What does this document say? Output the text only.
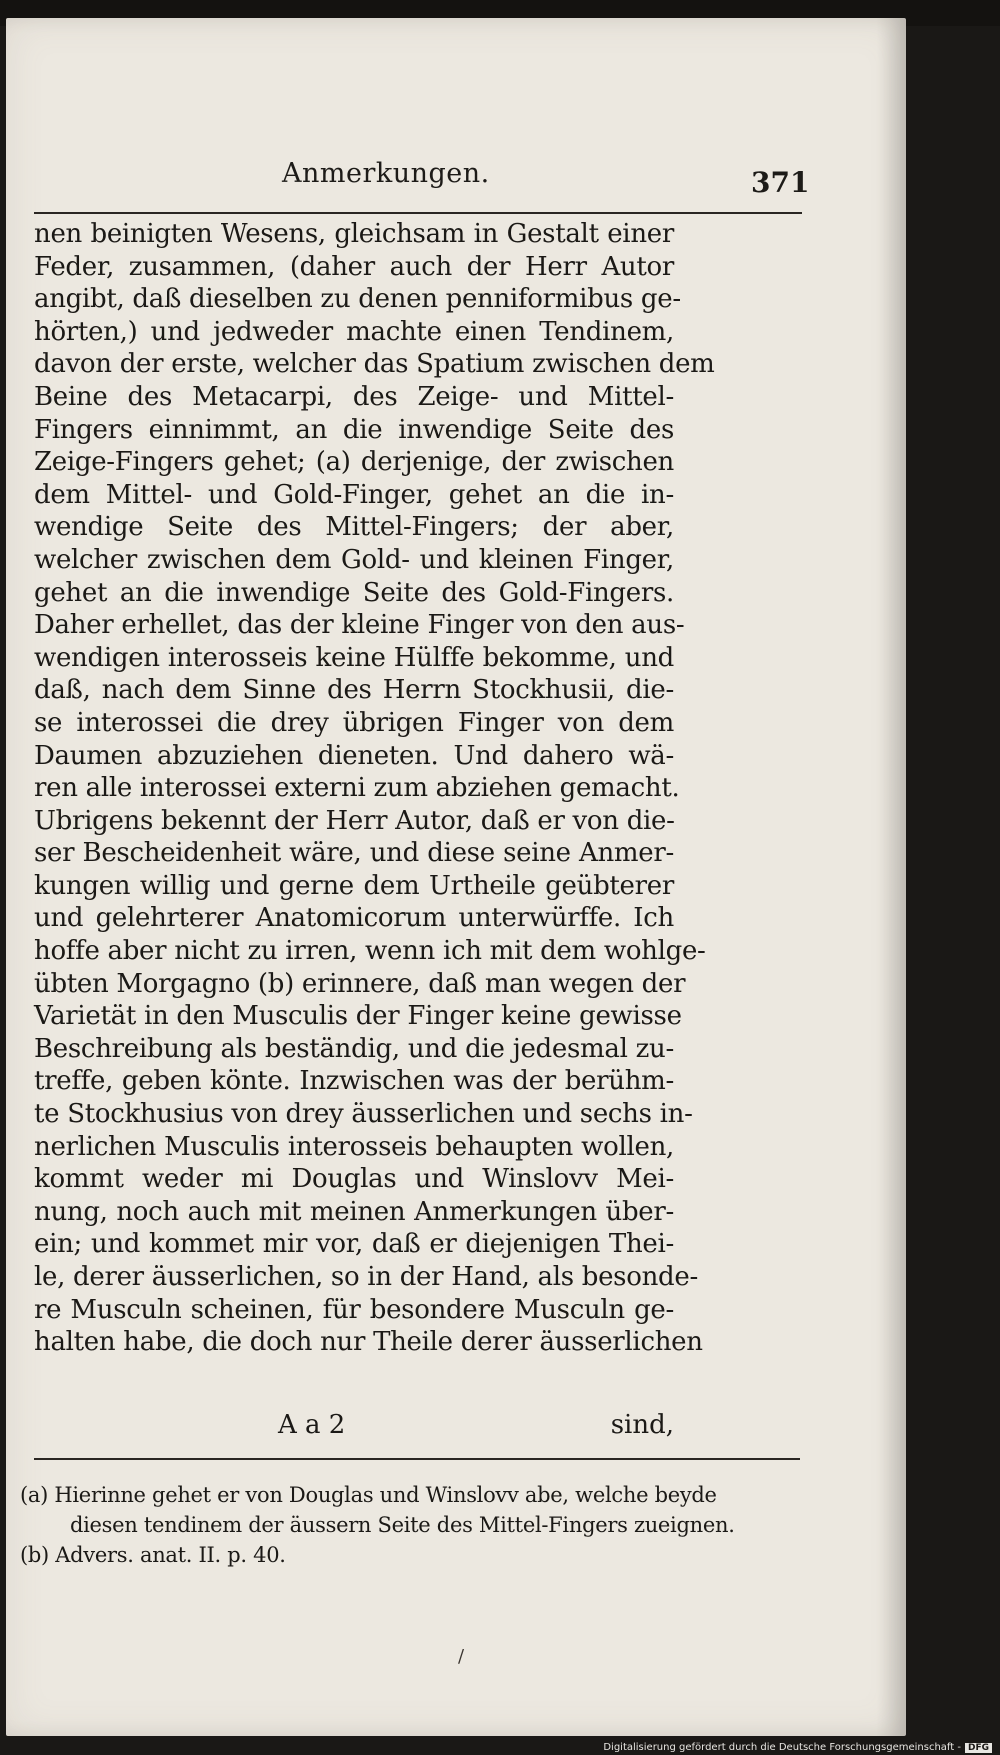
Anmerkungen.	371
nen beinigten Wesens, gleichsam in Gestalt einer
Feder, zusammen, (daher auch der Herr Autor
angibt, daß dieselben zu denen penniformibus ge-
hörten,) und jedweder machte einen Tendinem,
davon der erste, welcher das Spatium zwischen dem
Beine des Metacarpi, des Zeige- und Mittel-
Fingers einnimmt, an die inwendige Seite des
Zeige-Fingers gehet; (a) derjenige, der zwischen
dem Mittel- und Gold-Finger, gehet an die in-
wendige Seite des Mittel-Fingers; der aber,
welcher zwischen dem Gold- und kleinen Finger,
gehet an die inwendige Seite des Gold-Fingers.
Daher erhellet, das der kleine Finger von den aus-
wendigen interosseis keine Hülffe bekomme, und
daß, nach dem Sinne des Herrn Stockhusii, die-
se interossei die drey übrigen Finger von dem
Daumen abzuziehen dieneten. Und dahero wä-
ren alle interossei externi zum abziehen gemacht.
Ubrigens bekennt der Herr Autor, daß er von die-
ser Bescheidenheit wäre, und diese seine Anmer-
kungen willig und gerne dem Urtheile geübterer
und gelehrterer Anatomicorum unterwürffe. Ich
hoffe aber nicht zu irren, wenn ich mit dem wohlge-
übten Morgagno (b) erinnere, daß man wegen der
Varietät in den Musculis der Finger keine gewisse
Beschreibung als beständig, und die jedesmal zu-
treffe, geben könte. Inzwischen was der berühm-
te Stockhusius von drey äusserlichen und sechs in-
nerlichen Musculis interosseis behaupten wollen,
kommt weder mi Douglas und Winslovv Mei-
nung, noch auch mit meinen Anmerkungen über-
ein; und kommet mir vor, daß er diejenigen Thei-
le, derer äusserlichen, so in der Hand, als besonde-
re Musculn scheinen, für besondere Musculn ge-
halten habe, die doch nur Theile derer äusserlichen
A a 2	sind,
(a) Hierinne gehet er von Douglas und Winslovv abe, welche beyde
diesen tendinem der äussern Seite des Mittel-Fingers zueignen.
(b) Advers. anat. II. p. 40.
/
Digitalisierung gefördert durch die Deutsche Forschungsgemeinschaft - DFG
